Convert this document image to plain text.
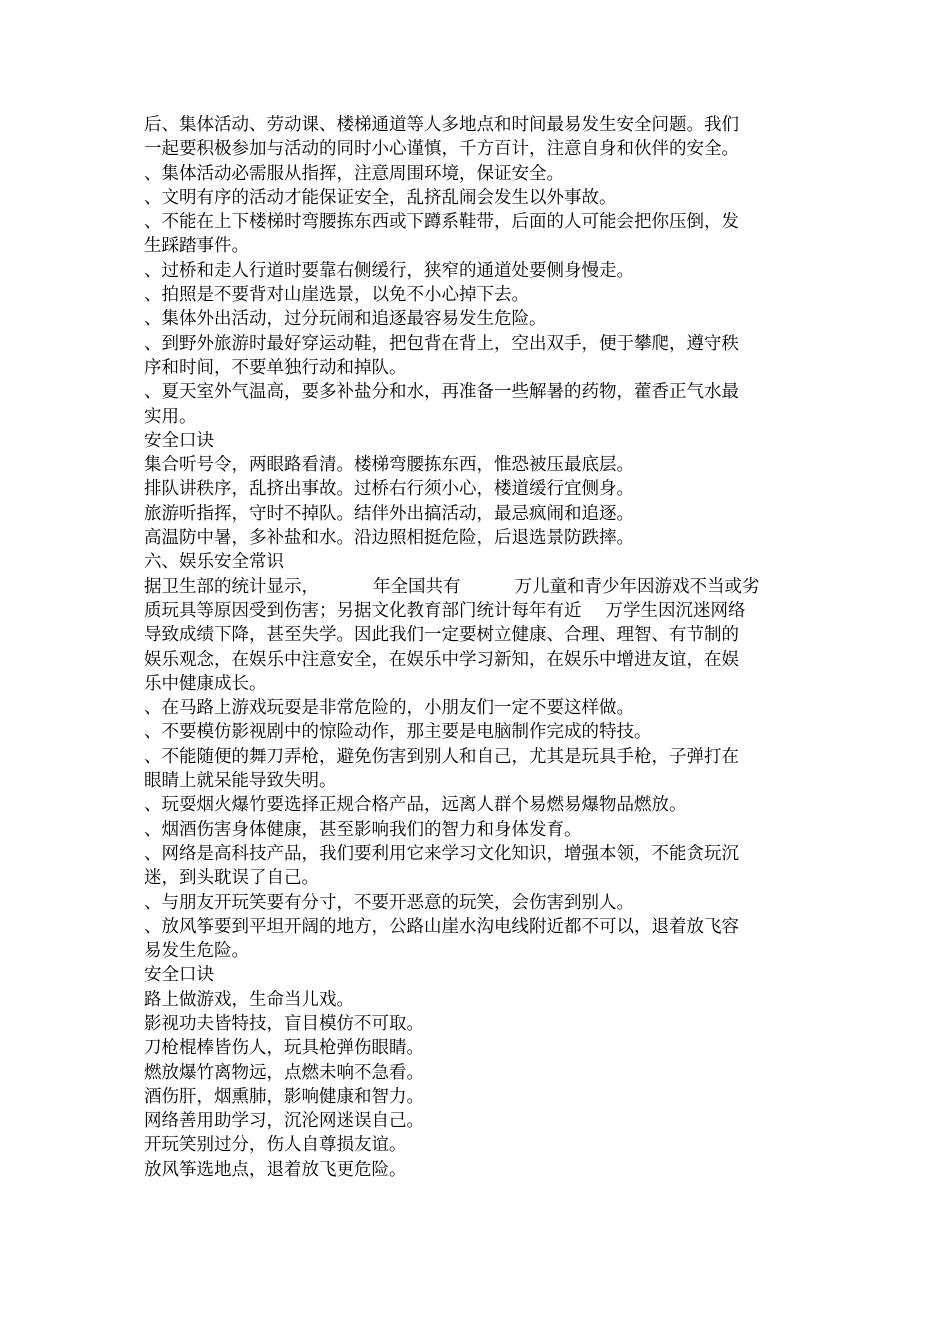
后、集体活动、劳动课、楼梯通道等人多地点和时间最易发生安全问题。我们
一起要积极参加与活动的同时小心谨慎，千方百计，注意自身和伙伴的安全。
、集体活动必需服从指挥，注意周围环境，保证安全。
、文明有序的活动才能保证安全，乱挤乱闹会发生以外事故。
、不能在上下楼梯时弯腰拣东西或下蹲系鞋带，后面的人可能会把你压倒，发
生踩踏事件。
、过桥和走人行道时要靠右侧缓行，狭窄的通道处要侧身慢走。
、拍照是不要背对山崖选景，以免不小心掉下去。
、集体外出活动，过分玩闹和追逐最容易发生危险。
、到野外旅游时最好穿运动鞋，把包背在背上，空出双手，便于攀爬，遵守秩
序和时间，不要单独行动和掉队。
、夏天室外气温高，要多补盐分和水，再准备一些解暑的药物，藿香正气水最
实用。
安全口诀
集合听号令，两眼路看清。楼梯弯腰拣东西，惟恐被压最底层。
排队讲秩序，乱挤出事故。过桥右行须小心，楼道缓行宜侧身。
旅游听指挥，守时不掉队。结伴外出搞活动，最忌疯闹和追逐。
高温防中暑，多补盐和水。沿边照相挺危险，后退选景防跌摔。
六、娱乐安全常识
据卫生部的统计显示，	年全国共有	万儿童和青少年因游戏不当或劣
质玩具等原因受到伤害；另据文化教育部门统计每年有近 万学生因沉迷网络
导致成绩下降，甚至失学。因此我们一定要树立健康、合理、理智、有节制的
娱乐观念，在娱乐中注意安全，在娱乐中学习新知，在娱乐中增进友谊，在娱
乐中健康成长。
、在马路上游戏玩耍是非常危险的，小朋友们一定不要这样做。
、不要模仿影视剧中的惊险动作，那主要是电脑制作完成的特技。
、不能随便的舞刀弄枪，避免伤害到别人和自己，尤其是玩具手枪，子弹打在
眼睛上就呆能导致失明。
、玩耍烟火爆竹要选择正规合格产品，远离人群个易燃易爆物品燃放。
、烟酒伤害身体健康，甚至影响我们的智力和身体发育。
、网络是高科技产品，我们要利用它来学习文化知识，增强本领，不能贪玩沉
迷，到头耽误了自己。
、与朋友开玩笑要有分寸，不要开恶意的玩笑，会伤害到别人。
、放风筝要到平坦开阔的地方，公路山崖水沟电线附近都不可以，退着放飞容
易发生危险。
安全口诀
路上做游戏，生命当儿戏。
影视功夫皆特技，盲目模仿不可取。
刀枪棍棒皆伤人，玩具枪弹伤眼睛。
燃放爆竹离物远，点燃未响不急看。
酒伤肝，烟熏肺，影响健康和智力。
网络善用助学习，沉沦网迷误自己。
开玩笑别过分，伤人自尊损友谊。
放风筝选地点，退着放飞更危险。
